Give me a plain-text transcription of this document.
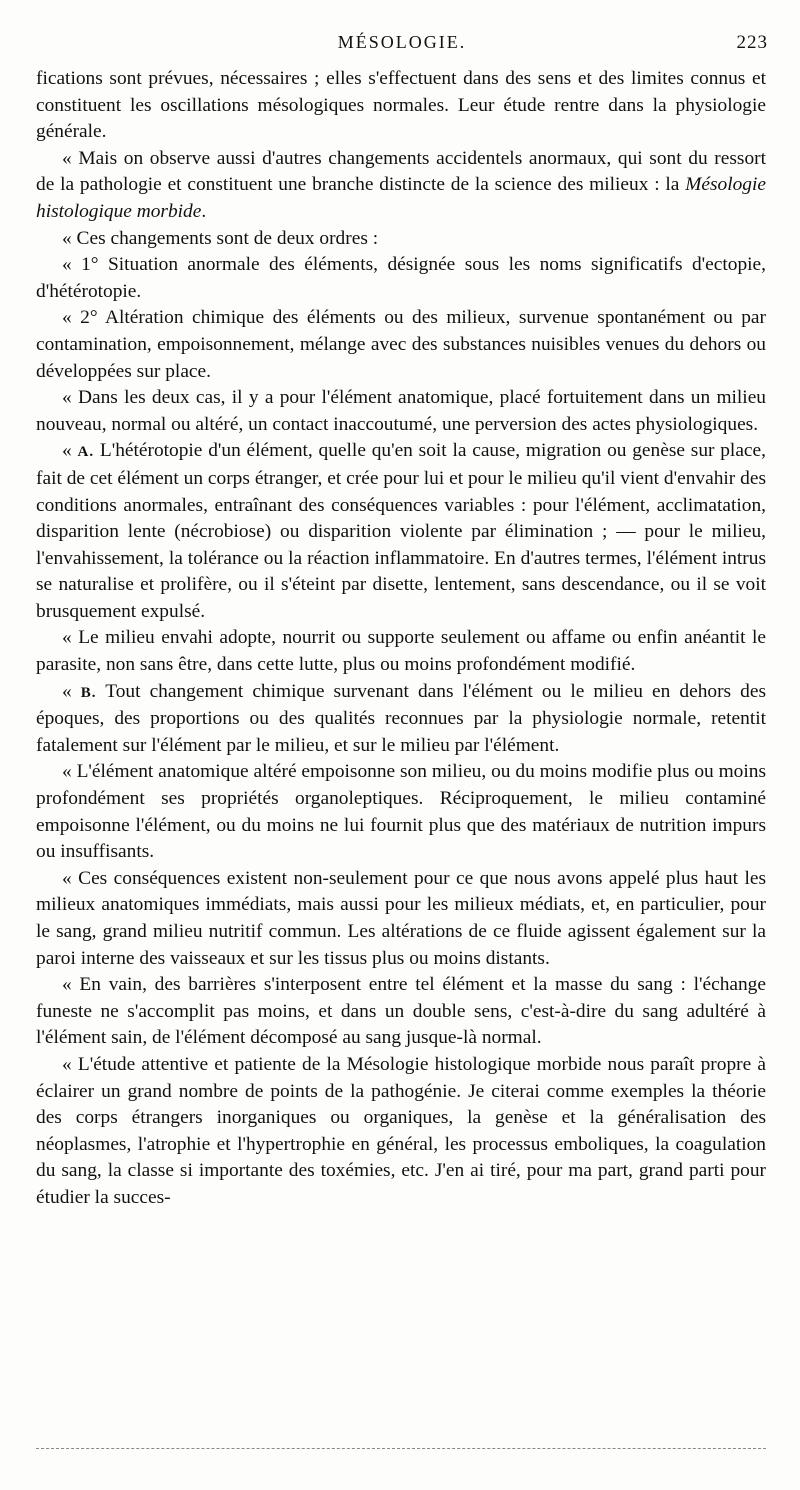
MÉSOLOGIE.	223

fications sont prévues, nécessaires ; elles s'effectuent dans des sens et des limites connus et constituent les oscillations mésologiques normales. Leur étude rentre dans la physiologie générale.

« Mais on observe aussi d'autres changements accidentels anormaux, qui sont du ressort de la pathologie et constituent une branche distincte de la science des milieux : la Mésologie histologique morbide.

« Ces changements sont de deux ordres :

« 1° Situation anormale des éléments, désignée sous les noms significatifs d'ectopie, d'hétérotopie.

« 2° Altération chimique des éléments ou des milieux, survenue spontanément ou par contamination, empoisonnement, mélange avec des substances nuisibles venues du dehors ou développées sur place.

« Dans les deux cas, il y a pour l'élément anatomique, placé fortuitement dans un milieu nouveau, normal ou altéré, un contact inaccoutumé, une perversion des actes physiologiques.

« A. L'hétérotopie d'un élément, quelle qu'en soit la cause, migration ou genèse sur place, fait de cet élément un corps étranger, et crée pour lui et pour le milieu qu'il vient d'envahir des conditions anormales, entraînant des conséquences variables : pour l'élément, acclimatation, disparition lente (nécrobiose) ou disparition violente par élimination ; — pour le milieu, l'envahissement, la tolérance ou la réaction inflammatoire. En d'autres termes, l'élément intrus se naturalise et prolifère, ou il s'éteint par disette, lentement, sans descendance, ou il se voit brusquement expulsé.

« Le milieu envahi adopte, nourrit ou supporte seulement ou affame ou enfin anéantit le parasite, non sans être, dans cette lutte, plus ou moins profondément modifié.

« B. Tout changement chimique survenant dans l'élément ou le milieu en dehors des époques, des proportions ou des qualités reconnues par la physiologie normale, retentit fatalement sur l'élément par le milieu, et sur le milieu par l'élément.

« L'élément anatomique altéré empoisonne son milieu, ou du moins modifie plus ou moins profondément ses propriétés organoleptiques. Réciproquement, le milieu contaminé empoisonne l'élément, ou du moins ne lui fournit plus que des matériaux de nutrition impurs ou insuffisants.

« Ces conséquences existent non-seulement pour ce que nous avons appelé plus haut les milieux anatomiques immédiats, mais aussi pour les milieux médiats, et, en particulier, pour le sang, grand milieu nutritif commun. Les altérations de ce fluide agissent également sur la paroi interne des vaisseaux et sur les tissus plus ou moins distants.

« En vain, des barrières s'interposent entre tel élément et la masse du sang : l'échange funeste ne s'accomplit pas moins, et dans un double sens, c'est-à-dire du sang adultéré à l'élément sain, de l'élément décomposé au sang jusque-là normal.

« L'étude attentive et patiente de la Mésologie histologique morbide nous paraît propre à éclairer un grand nombre de points de la pathogénie. Je citerai comme exemples la théorie des corps étrangers inorganiques ou organiques, la genèse et la généralisation des néoplasmes, l'atrophie et l'hypertrophie en général, les processus emboliques, la coagulation du sang, la classe si importante des toxémies, etc. J'en ai tiré, pour ma part, grand parti pour étudier la succes-
